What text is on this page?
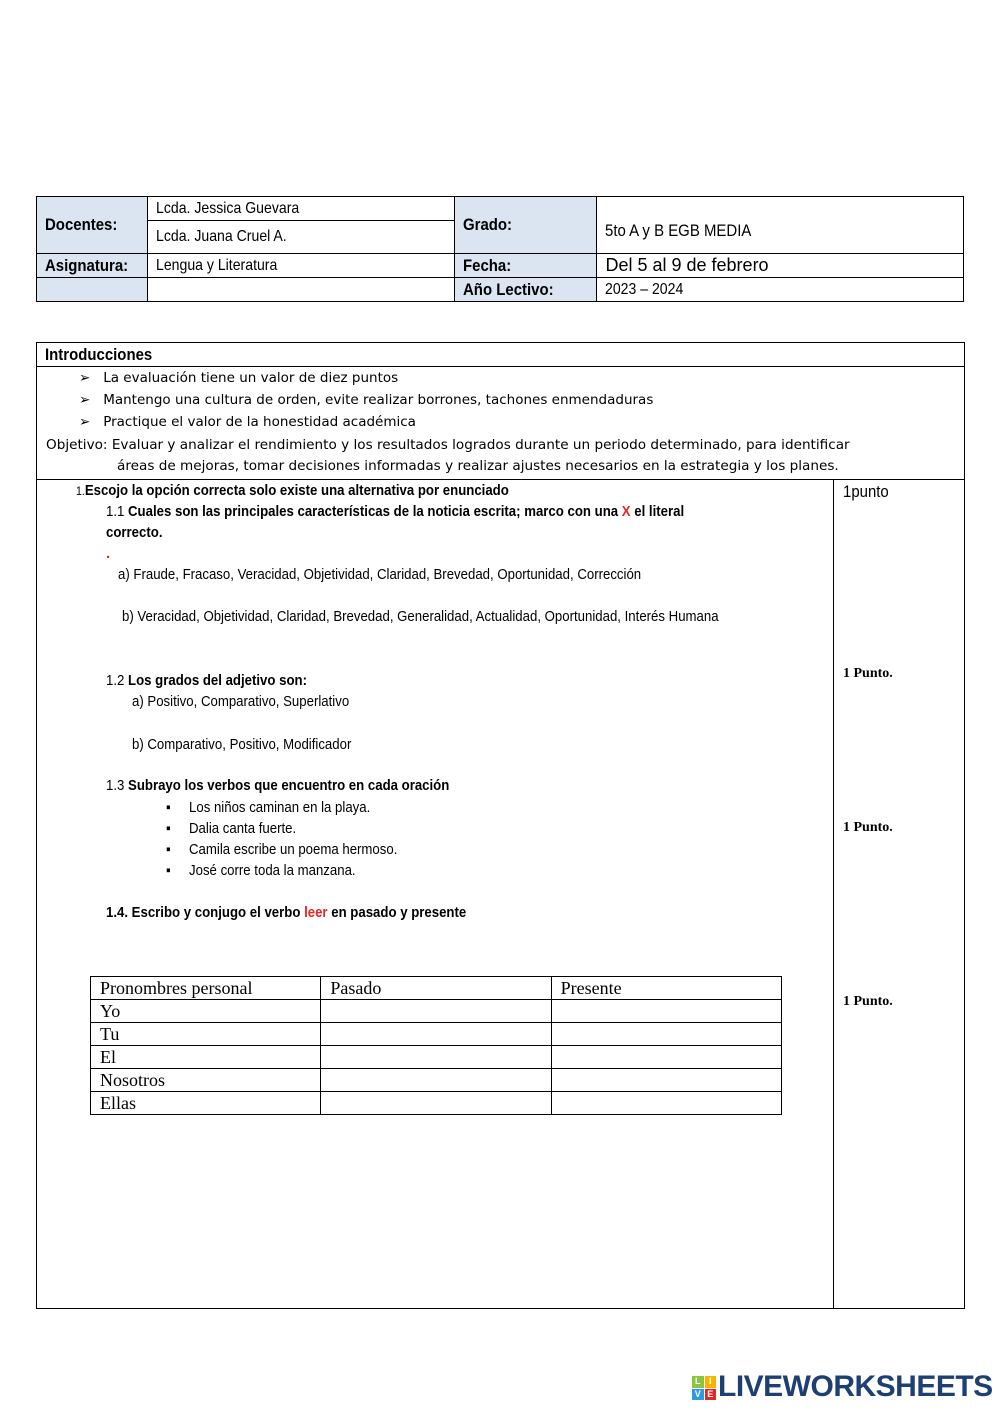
Docentes:	Lcda. Jessica Guevara	Grado:	5to A y B EGB MEDIA
	Lcda. Juana Cruel A.		
Asignatura:	Lengua y Literatura	Fecha:	Del 5 al 9 de febrero
		Año Lectivo:	2023 – 2024
Introducciones
➢   La evaluación tiene un valor de diez puntos
➢   Mantengo una cultura de orden, evite realizar borrones, tachones enmendaduras
➢   Practique el valor de la honestidad académica
Objetivo: Evaluar y analizar el rendimiento y los resultados logrados durante un periodo determinado, para identificar
áreas de mejoras, tomar decisiones informadas y realizar ajustes necesarios en la estrategia y los planes.
1.Escojo la opción correcta solo existe una alternativa por enunciado	1punto
1.1 Cuales son las principales características de la noticia escrita; marco con una X el literal
correcto.
.
a) Fraude, Fracaso, Veracidad, Objetividad, Claridad, Brevedad, Oportunidad, Corrección
b) Veracidad, Objetividad, Claridad, Brevedad, Generalidad, Actualidad, Oportunidad, Interés Humana
1.2 Los grados del adjetivo son:	1 Punto.
a) Positivo, Comparativo, Superlativo
b) Comparativo, Positivo, Modificador
1.3 Subrayo los verbos que encuentro en cada oración
▪     Los niños caminan en la playa.
▪     Dalia canta fuerte.
▪     Camila escribe un poema hermoso.
▪     José corre toda la manzana.
1 Punto.
1.4. Escribo y conjugo el verbo leer en pasado y presente
1 Punto.
Pronombres personal	Pasado	Presente
Yo		
Tu		
El		
Nosotros		
Ellas		
L I
V E LIVEWORKSHEETS
